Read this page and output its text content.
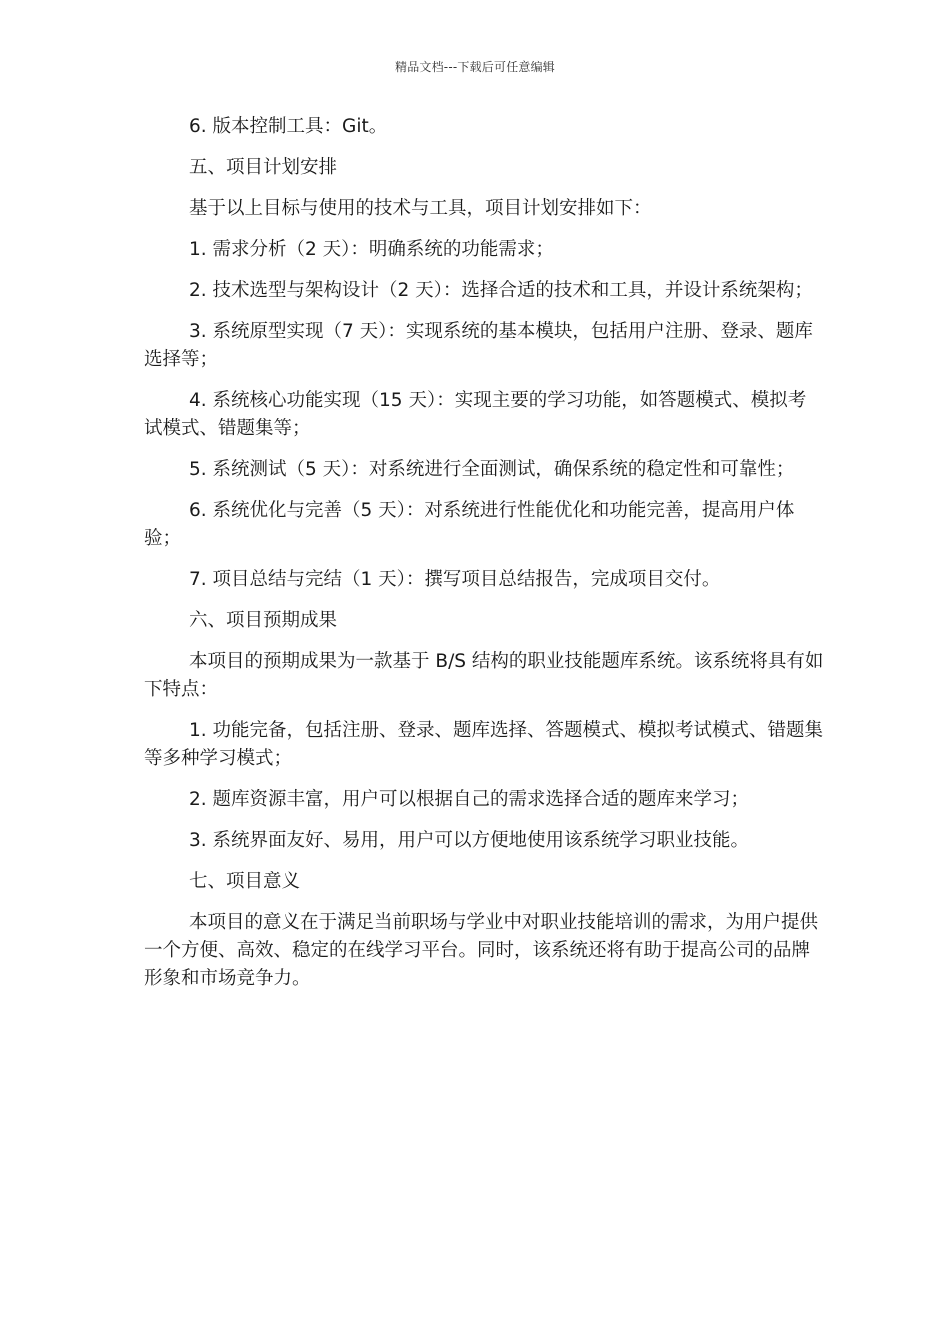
精品文档---下载后可任意编辑

6. 版本控制工具：Git。

五、项目计划安排

基于以上目标与使用的技术与工具，项目计划安排如下：

1. 需求分析（2 天）：明确系统的功能需求；

2. 技术选型与架构设计（2 天）：选择合适的技术和工具，并设计系统架构；

3. 系统原型实现（7 天）：实现系统的基本模块，包括用户注册、登录、题库选择等；

4. 系统核心功能实现（15 天）：实现主要的学习功能，如答题模式、模拟考试模式、错题集等；

5. 系统测试（5 天）：对系统进行全面测试，确保系统的稳定性和可靠性；

6. 系统优化与完善（5 天）：对系统进行性能优化和功能完善，提高用户体验；

7. 项目总结与完结（1 天）：撰写项目总结报告，完成项目交付。

六、项目预期成果

本项目的预期成果为一款基于 B/S 结构的职业技能题库系统。该系统将具有如下特点：

1. 功能完备，包括注册、登录、题库选择、答题模式、模拟考试模式、错题集等多种学习模式；

2. 题库资源丰富，用户可以根据自己的需求选择合适的题库来学习；

3. 系统界面友好、易用，用户可以方便地使用该系统学习职业技能。

七、项目意义

本项目的意义在于满足当前职场与学业中对职业技能培训的需求，为用户提供一个方便、高效、稳定的在线学习平台。同时，该系统还将有助于提高公司的品牌形象和市场竞争力。
